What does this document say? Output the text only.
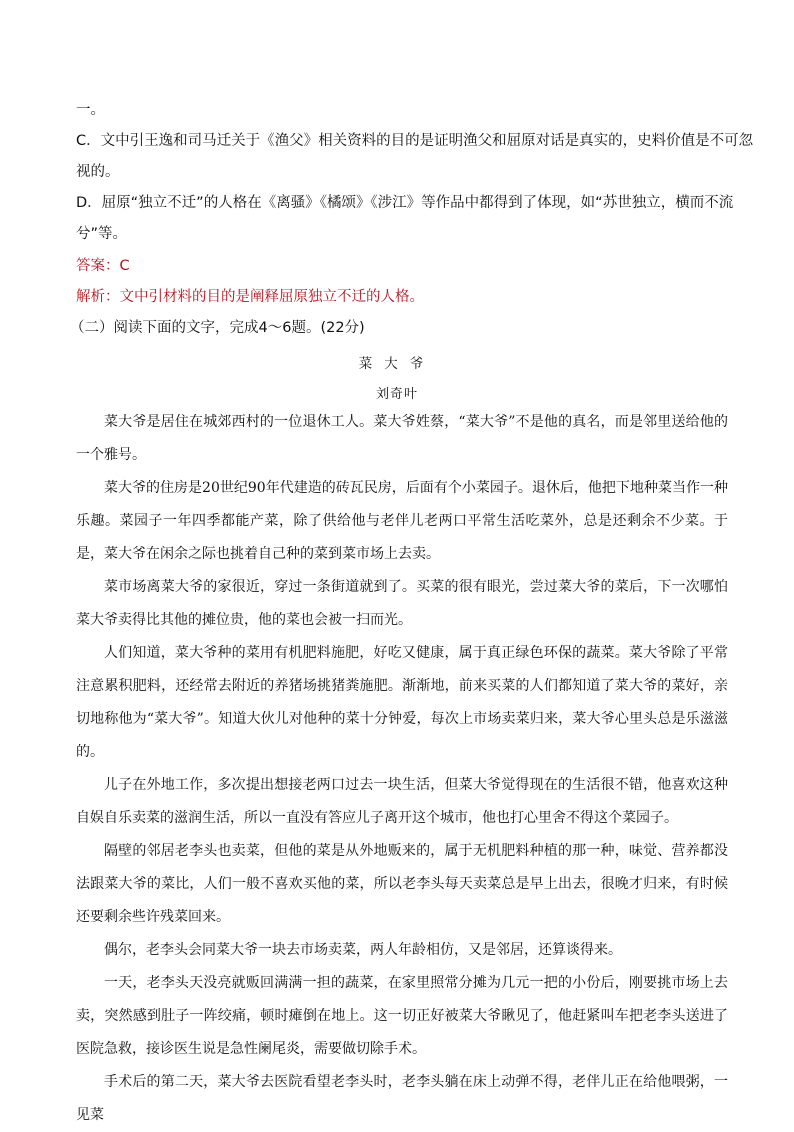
一。
C．文中引王逸和司马迁关于《渔父》相关资料的目的是证明渔父和屈原对话是真实的，史料价值是不可忽
视的。
D．屈原“独立不迁”的人格在《离骚》《橘颂》《涉江》等作品中都得到了体现，如“苏世独立，横而不流
兮”等。
答案：C
解析：文中引材料的目的是阐释屈原独立不迁的人格。
（二）阅读下面的文字，完成4～6题。(22分)
菜大爷
刘奇叶

菜大爷是居住在城郊西村的一位退休工人。菜大爷姓蔡，“菜大爷”不是他的真名，而是邻里送给他的一个雅号。

菜大爷的住房是20世纪90年代建造的砖瓦民房，后面有个小菜园子。退休后，他把下地种菜当作一种乐趣。菜园子一年四季都能产菜，除了供给他与老伴儿老两口平常生活吃菜外，总是还剩余不少菜。于是，菜大爷在闲余之际也挑着自己种的菜到菜市场上去卖。

菜市场离菜大爷的家很近，穿过一条街道就到了。买菜的很有眼光，尝过菜大爷的菜后，下一次哪怕菜大爷卖得比其他的摊位贵，他的菜也会被一扫而光。

人们知道，菜大爷种的菜用有机肥料施肥，好吃又健康，属于真正绿色环保的蔬菜。菜大爷除了平常注意累积肥料，还经常去附近的养猪场挑猪粪施肥。渐渐地，前来买菜的人们都知道了菜大爷的菜好，亲切地称他为“菜大爷”。知道大伙儿对他种的菜十分钟爱，每次上市场卖菜归来，菜大爷心里头总是乐滋滋的。

儿子在外地工作，多次提出想接老两口过去一块生活，但菜大爷觉得现在的生活很不错，他喜欢这种自娱自乐卖菜的滋润生活，所以一直没有答应儿子离开这个城市，他也打心里舍不得这个菜园子。

隔壁的邻居老李头也卖菜，但他的菜是从外地贩来的，属于无机肥料种植的那一种，味觉、营养都没法跟菜大爷的菜比，人们一般不喜欢买他的菜，所以老李头每天卖菜总是早上出去，很晚才归来，有时候还要剩余些许残菜回来。

偶尔，老李头会同菜大爷一块去市场卖菜，两人年龄相仿，又是邻居，还算谈得来。

一天，老李头天没亮就贩回满满一担的蔬菜，在家里照常分摊为几元一把的小份后，刚要挑市场上去卖，突然感到肚子一阵绞痛，顿时瘫倒在地上。这一切正好被菜大爷瞅见了，他赶紧叫车把老李头送进了医院急救，接诊医生说是急性阑尾炎，需要做切除手术。

手术后的第二天，菜大爷去医院看望老李头时，老李头躺在床上动弹不得，老伴儿正在给他喂粥，一见菜
